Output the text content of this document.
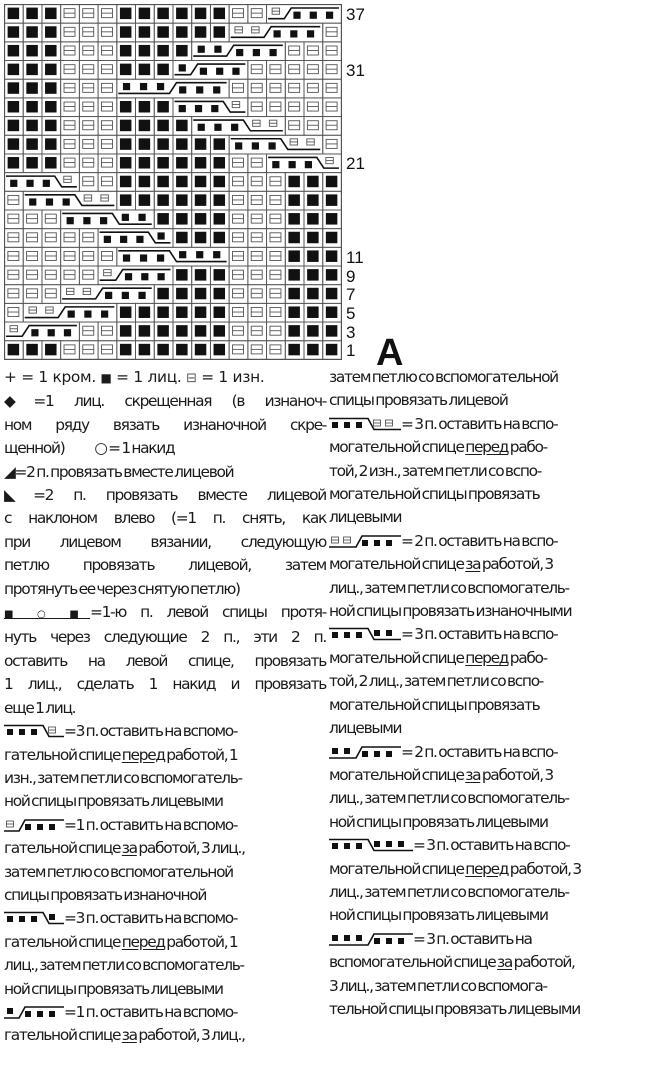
37
31
21
11
9
7
5
3
1 A
+ = 1 кром. ■ = 1 лиц. ⊟ = 1 изн.
◆=1 лиц. скрещенная (в изнаноч-
ном ряду вязать изнаночной скре-
щенной) ○ = 1 накид
◢=2 п. провязать вместе лицевой
◣=2 п. провязать вместе лицевой
с наклоном влево (=1 п. снять, как
при лицевом вязании, следующую
петлю провязать лицевой, затем
протянуть ее через снятую петлю)
■ ○ ■=1-ю п. левой спицы протя-
нуть через следующие 2 п., эти 2 п.
оставить на левой спице, провязать
1 лиц., сделать 1 накид и провязать
еще 1 лиц.
=3 п. оставить на вспомо-
гательной спице перед работой, 1
изн., затем петли со вспомогатель-
ной спицы провязать лицевыми
=1 п. оставить на вспомо-
гательной спице за работой, 3 лиц.,
затем петлю со вспомогательной
спицы провязать изнаночной
=3 п. оставить на вспомо-
гательной спице перед работой, 1
лиц., затем петли со вспомогатель-
ной спицы провязать лицевыми
=1 п. оставить на вспомо-
гательной спице за работой, 3 лиц.,
затем петлю со вспомогательной
спицы провязать лицевой
= 3 п. оставить на вспо-
могательной спице перед рабо-
той, 2 изн., затем петли со вспо-
могательной спицы провязать
лицевыми
= 2 п. оставить на вспо-
могательной спице за работой, 3
лиц., затем петли со вспомогатель-
ной спицы провязать изнаночными
= 3 п. оставить на вспо-
могательной спице перед рабо-
той, 2 лиц., затем петли со вспо-
могательной спицы провязать
лицевыми
= 2 п. оставить на вспо-
могательной спице за работой, 3
лиц., затем петли со вспомогатель-
ной спицы провязать лицевыми
= 3 п. оставить на вспо-
могательной спице перед работой, 3
лиц., затем петли со вспомогатель-
ной спицы провязать лицевыми
= 3 п. оставить на
вспомогательной спице за работой,
3 лиц., затем петли со вспомога-
тельной спицы провязать лицевыми
